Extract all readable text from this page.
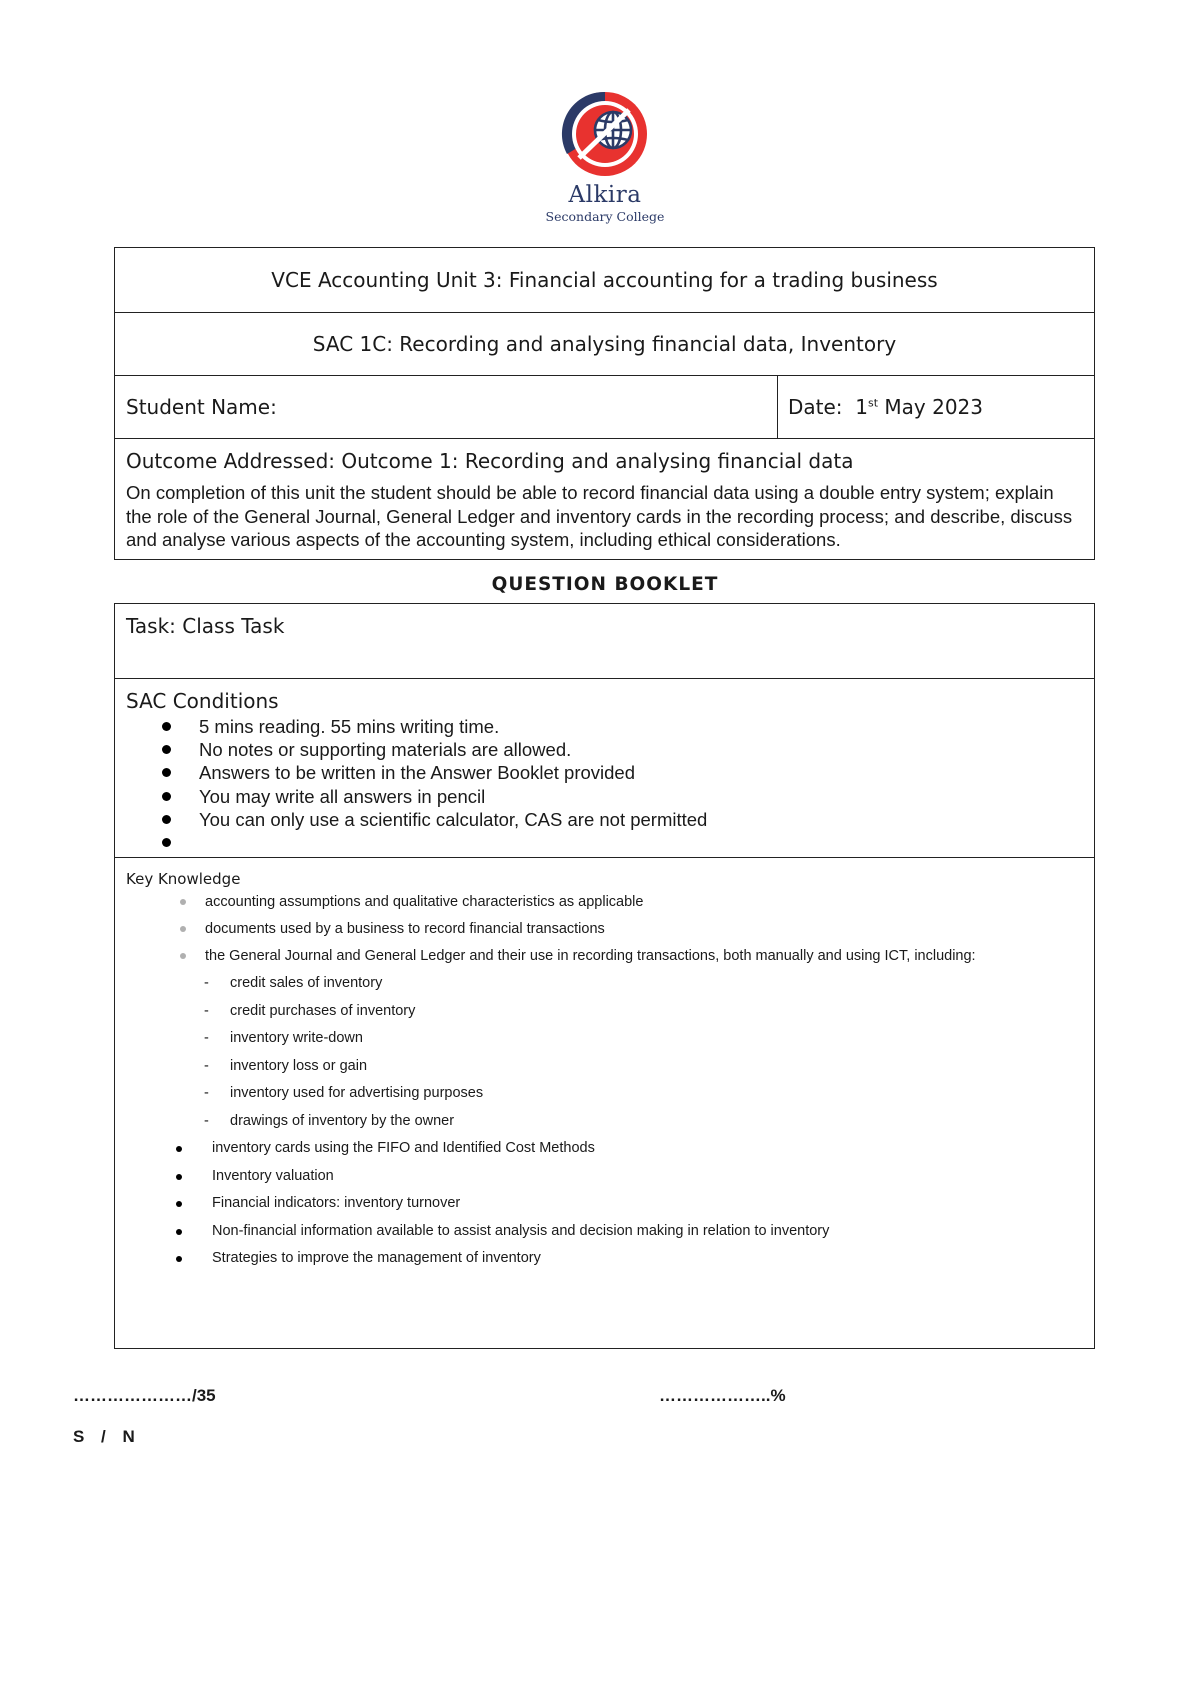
Alkira
Secondary College
VCE Accounting Unit 3: Financial accounting for a trading business
SAC 1C: Recording and analysing financial data, Inventory
Student Name:	Date: 1st May 2023

Outcome Addressed: Outcome 1: Recording and analysing financial data
On completion of this unit the student should be able to record financial data using a double entry system; explain the role of the General Journal, General Ledger and inventory cards in the recording process; and describe, discuss and analyse various aspects of the accounting system, including ethical considerations.
QUESTION BOOKLET
Task: Class Task

SAC Conditions
5 mins reading. 55 mins writing time.
No notes or supporting materials are allowed.
Answers to be written in the Answer Booklet provided
You may write all answers in pencil
You can only use a scientific calculator, CAS are not permitted

Key Knowledge
accounting assumptions and qualitative characteristics as applicable
documents used by a business to record financial transactions
the General Journal and General Ledger and their use in recording transactions, both manually and using ICT, including:
- credit sales of inventory
- credit purchases of inventory
- inventory write-down
- inventory loss or gain
- inventory used for advertising purposes
- drawings of inventory by the owner
inventory cards using the FIFO and Identified Cost Methods
Inventory valuation
Financial indicators: inventory turnover
Non-financial information available to assist analysis and decision making in relation to inventory
Strategies to improve the management of inventory
…………………/35	………………..%
S / N
